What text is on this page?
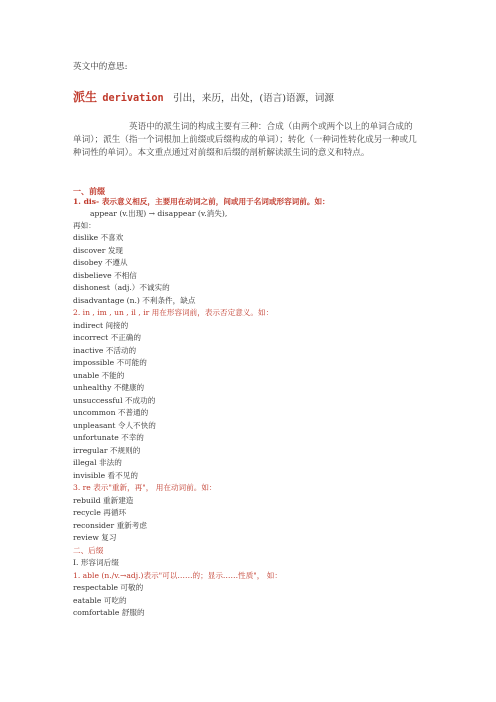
英文中的意思:
派生 derivation 引出，来历，出处，(语言)语源，词源
英语中的派生词的构成主要有三种：合成（由两个或两个以上的单词合成的单词）；派生（指一个词根加上前缀或后缀构成的单词）；转化（一种词性转化成另一种或几种词性的单词）。本文重点通过对前缀和后缀的剖析解读派生词的意义和特点。
一、前缀
1. dis- 表示意义相反，主要用在动词之前，间或用于名词或形容词前。如：
appear (v.出现) → disappear (v.消失),
再如：
dislike 不喜欢
discover 发现
disobey 不遵从
disbelieve 不相信
dishonest（adj.）不诚实的
disadvantage (n.) 不利条件，缺点
2. in , im , un , il , ir 用在形容词前，表示否定意义。如：
indirect 间接的
incorrect 不正确的
inactive 不活动的
impossible 不可能的
unable 不能的
unhealthy 不健康的
unsuccessful 不成功的
uncommon 不普通的
unpleasant 令人不快的
unfortunate 不幸的
irregular 不规则的
illegal 非法的
invisible 看不见的
3. re 表示"重新，再"， 用在动词前。如：
rebuild 重新建造
recycle 再循环
reconsider 重新考虑
review 复习
二、后缀
I. 形容词后缀
1. able (n./v.→adj.)表示"可以……的；显示……性质"， 如：
respectable 可敬的
eatable 可吃的
comfortable 舒服的
